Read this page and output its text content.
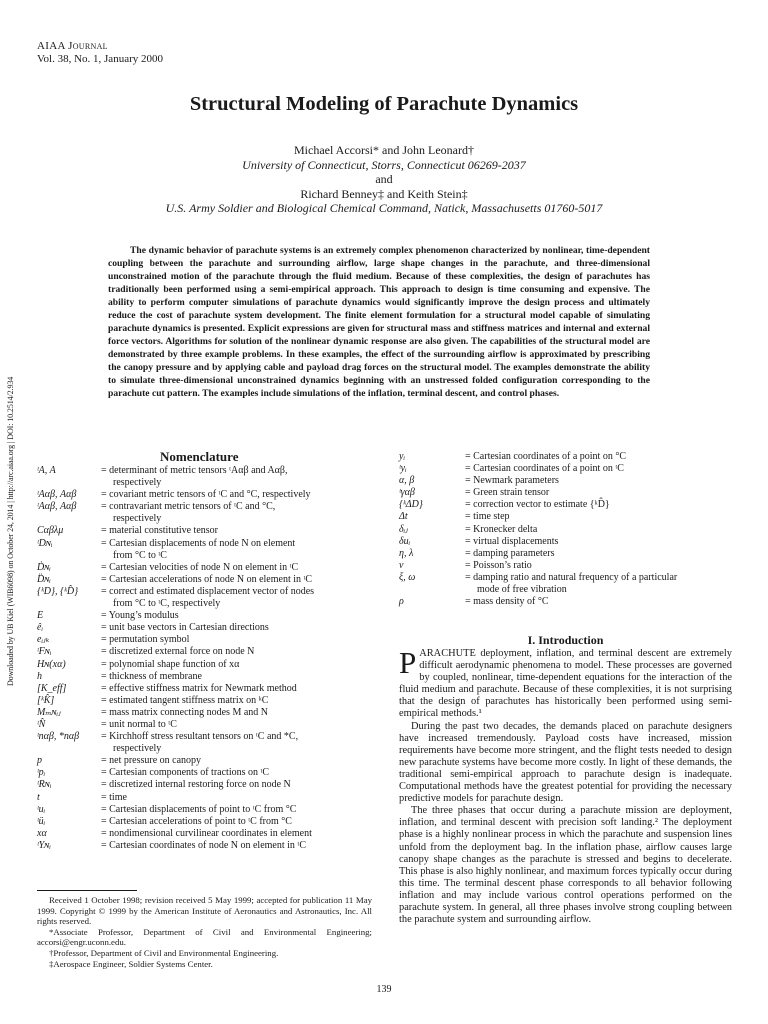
AIAA Journal
Vol. 38, No. 1, January 2000
Structural Modeling of Parachute Dynamics
Michael Accorsi* and John Leonard†
University of Connecticut, Storrs, Connecticut 06269-2037
and
Richard Benney‡ and Keith Stein‡
U.S. Army Soldier and Biological Chemical Command, Natick, Massachusetts 01760-5017
The dynamic behavior of parachute systems is an extremely complex phenomenon characterized by nonlinear, time-dependent coupling between the parachute and surrounding airflow, large shape changes in the parachute, and three-dimensional unconstrained motion of the parachute through the fluid medium. Because of these complexities, the design of parachutes has traditionally been performed using a semi-empirical approach. This approach to design is time consuming and expensive. The ability to perform computer simulations of parachute dynamics would significantly improve the design process and ultimately reduce the cost of parachute system development. The finite element formulation for a structural model capable of simulating parachute dynamics is presented. Explicit expressions are given for structural mass and stiffness matrices and internal and external force vectors. Algorithms for solution of the nonlinear dynamic response are also given. The capabilities of the structural model are demonstrated by three example problems. In these examples, the effect of the surrounding airflow is approximated by prescribing the canopy pressure and by applying cable and payload drag forces on the structural model. The examples demonstrate the ability to simulate three-dimensional unconstrained dynamics beginning with an unstressed folded configuration corresponding to the parachute cut pattern. The examples include simulations of the inflation, terminal descent, and control phases.
Downloaded by UB Kiel (WIB6098) on October 24, 2014 | http://arc.aiaa.org | DOI: 10.2514/2.934	Nomenclature
ᵗA, A	= determinant of metric tensors ᵗAαβ and Aαβ,
respectively
ᵗAαβ, Aαβ = covariant metric tensors of ᵗC and °C, respectively
ᵗAαβ, Aαβ = contravariant metric tensors of ᵗC and °C,
respectively
Cαβλμ	= material constitutive tensor
ᵗDɴᵢ	= Cartesian displacements of node N on element
from °C to ᵗC
Ḋɴᵢ	= Cartesian velocities of node N on element in ᵗC
D̈ɴᵢ	= Cartesian accelerations of node N on element in ᵗC
{ᵏD}, {ᵏD̂} = correct and estimated displacement vector of nodes
from °C to ᵗC, respectively
E	= Young’s modulus
êᵢ	= unit base vectors in Cartesian directions
eᵢⱼₖ	= permutation symbol
ᵗFɴᵢ	= discretized external force on node N
Hɴ(xα)	= polynomial shape function of xα
h	= thickness of membrane
[K_eff]	= effective stiffness matrix for Newmark method
[ᵏK̂]	= estimated tangent stiffness matrix on ᵏC
Mₘɴᵢⱼ	= mass matrix connecting nodes M and N
ᵗN̂	= unit normal to ᵗC
ᵗnαβ, *nαβ = Kirchhoff stress resultant tensors on ᵗC and *C,
respectively
p	= net pressure on canopy
ᵗpᵢ	= Cartesian components of tractions on ᵗC
ᵗRɴᵢ	= discretized internal restoring force on node N
t	= time
ᵗuᵢ	= Cartesian displacements of point to ᵗC from °C
ᵗüᵢ	= Cartesian accelerations of point to ᵗC from °C
xα	= nondimensional curvilinear coordinates in element
ᵗYɴᵢ	= Cartesian coordinates of node N on element in ᵗC
yᵢ	= Cartesian coordinates of a point on °C
ᵗyᵢ	= Cartesian coordinates of a point on ᵗC
α, β	= Newmark parameters
ᵗγαβ	= Green strain tensor
{ᵏΔD}	= correction vector to estimate {ᵏD̂}
Δt	= time step
δᵢⱼ	= Kronecker delta
δuᵢ	= virtual displacements
η, λ	= damping parameters
ν	= Poisson’s ratio
ξ, ω	= damping ratio and natural frequency of a particular
mode of free vibration
ρ	= mass density of °C
I. Introduction

PARACHUTE deployment, inflation, and terminal descent are extremely difficult aerodynamic phenomena to model. These processes are governed by coupled, nonlinear, time-dependent equations for the interaction of the fluid medium and parachute. Because of these complexities, it is not surprising that the design of parachutes has historically been performed using semi-empirical methods.¹

During the past two decades, the demands placed on parachute designers have increased tremendously. Payload costs have increased, mission requirements have become more stringent, and the flight tests needed to design new parachute systems have become more costly. In light of these demands, the traditional semi-empirical approach to parachute design is inadequate. Computational methods have the greatest potential for providing the necessary predictive models for parachute design.

The three phases that occur during a parachute mission are deployment, inflation, and terminal descent with precision soft landing.² The deployment phase is a highly nonlinear process in which the parachute and suspension lines unfold from the deployment bag. In the inflation phase, airflow causes large canopy shape changes as the parachute is stressed and begins to decelerate. This phase is also highly nonlinear, and maximum forces typically occur during this time. The terminal descent phase corresponds to all behavior following inflation and may include various control operations performed on the parachute system. In general, all three phases involve strong coupling between the parachute system and surrounding airflow.

Received 1 October 1998; revision received 5 May 1999; accepted for publication 11 May 1999. Copyright © 1999 by the American Institute of Aeronautics and Astronautics, Inc. All rights reserved.

*Associate Professor, Department of Civil and Environmental Engineering; accorsi@engr.uconn.edu.

†Professor, Department of Civil and Environmental Engineering.

‡Aerospace Engineer, Soldier Systems Center.

139
